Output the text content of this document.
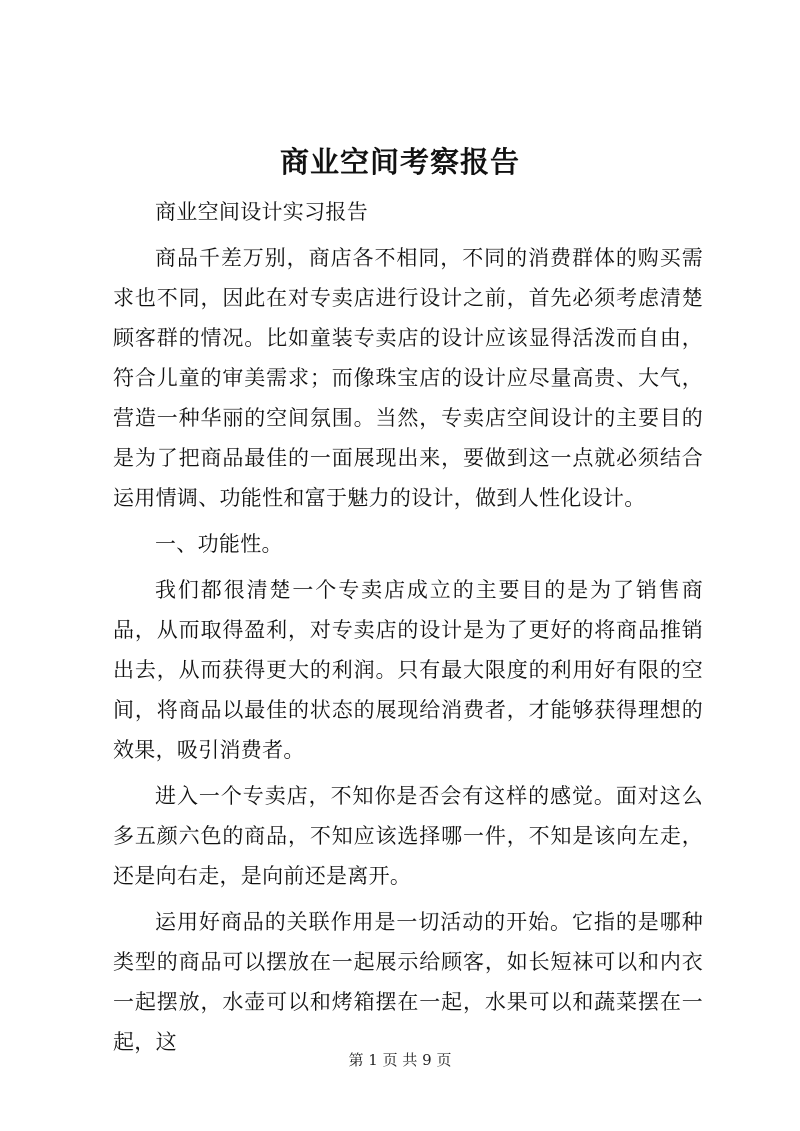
商业空间考察报告

商业空间设计实习报告

商品千差万别，商店各不相同，不同的消费群体的购买需求也不同，因此在对专卖店进行设计之前，首先必须考虑清楚顾客群的情况。比如童装专卖店的设计应该显得活泼而自由，符合儿童的审美需求；而像珠宝店的设计应尽量高贵、大气，营造一种华丽的空间氛围。当然，专卖店空间设计的主要目的是为了把商品最佳的一面展现出来，要做到这一点就必须结合运用情调、功能性和富于魅力的设计，做到人性化设计。

一、功能性。

我们都很清楚一个专卖店成立的主要目的是为了销售商品，从而取得盈利，对专卖店的设计是为了更好的将商品推销出去，从而获得更大的利润。只有最大限度的利用好有限的空间，将商品以最佳的状态的展现给消费者，才能够获得理想的效果，吸引消费者。

进入一个专卖店，不知你是否会有这样的感觉。面对这么多五颜六色的商品，不知应该选择哪一件，不知是该向左走，还是向右走，是向前还是离开。

运用好商品的关联作用是一切活动的开始。它指的是哪种类型的商品可以摆放在一起展示给顾客，如长短袜可以和内衣一起摆放，水壶可以和烤箱摆在一起，水果可以和蔬菜摆在一起，这

第 1 页 共 9 页
